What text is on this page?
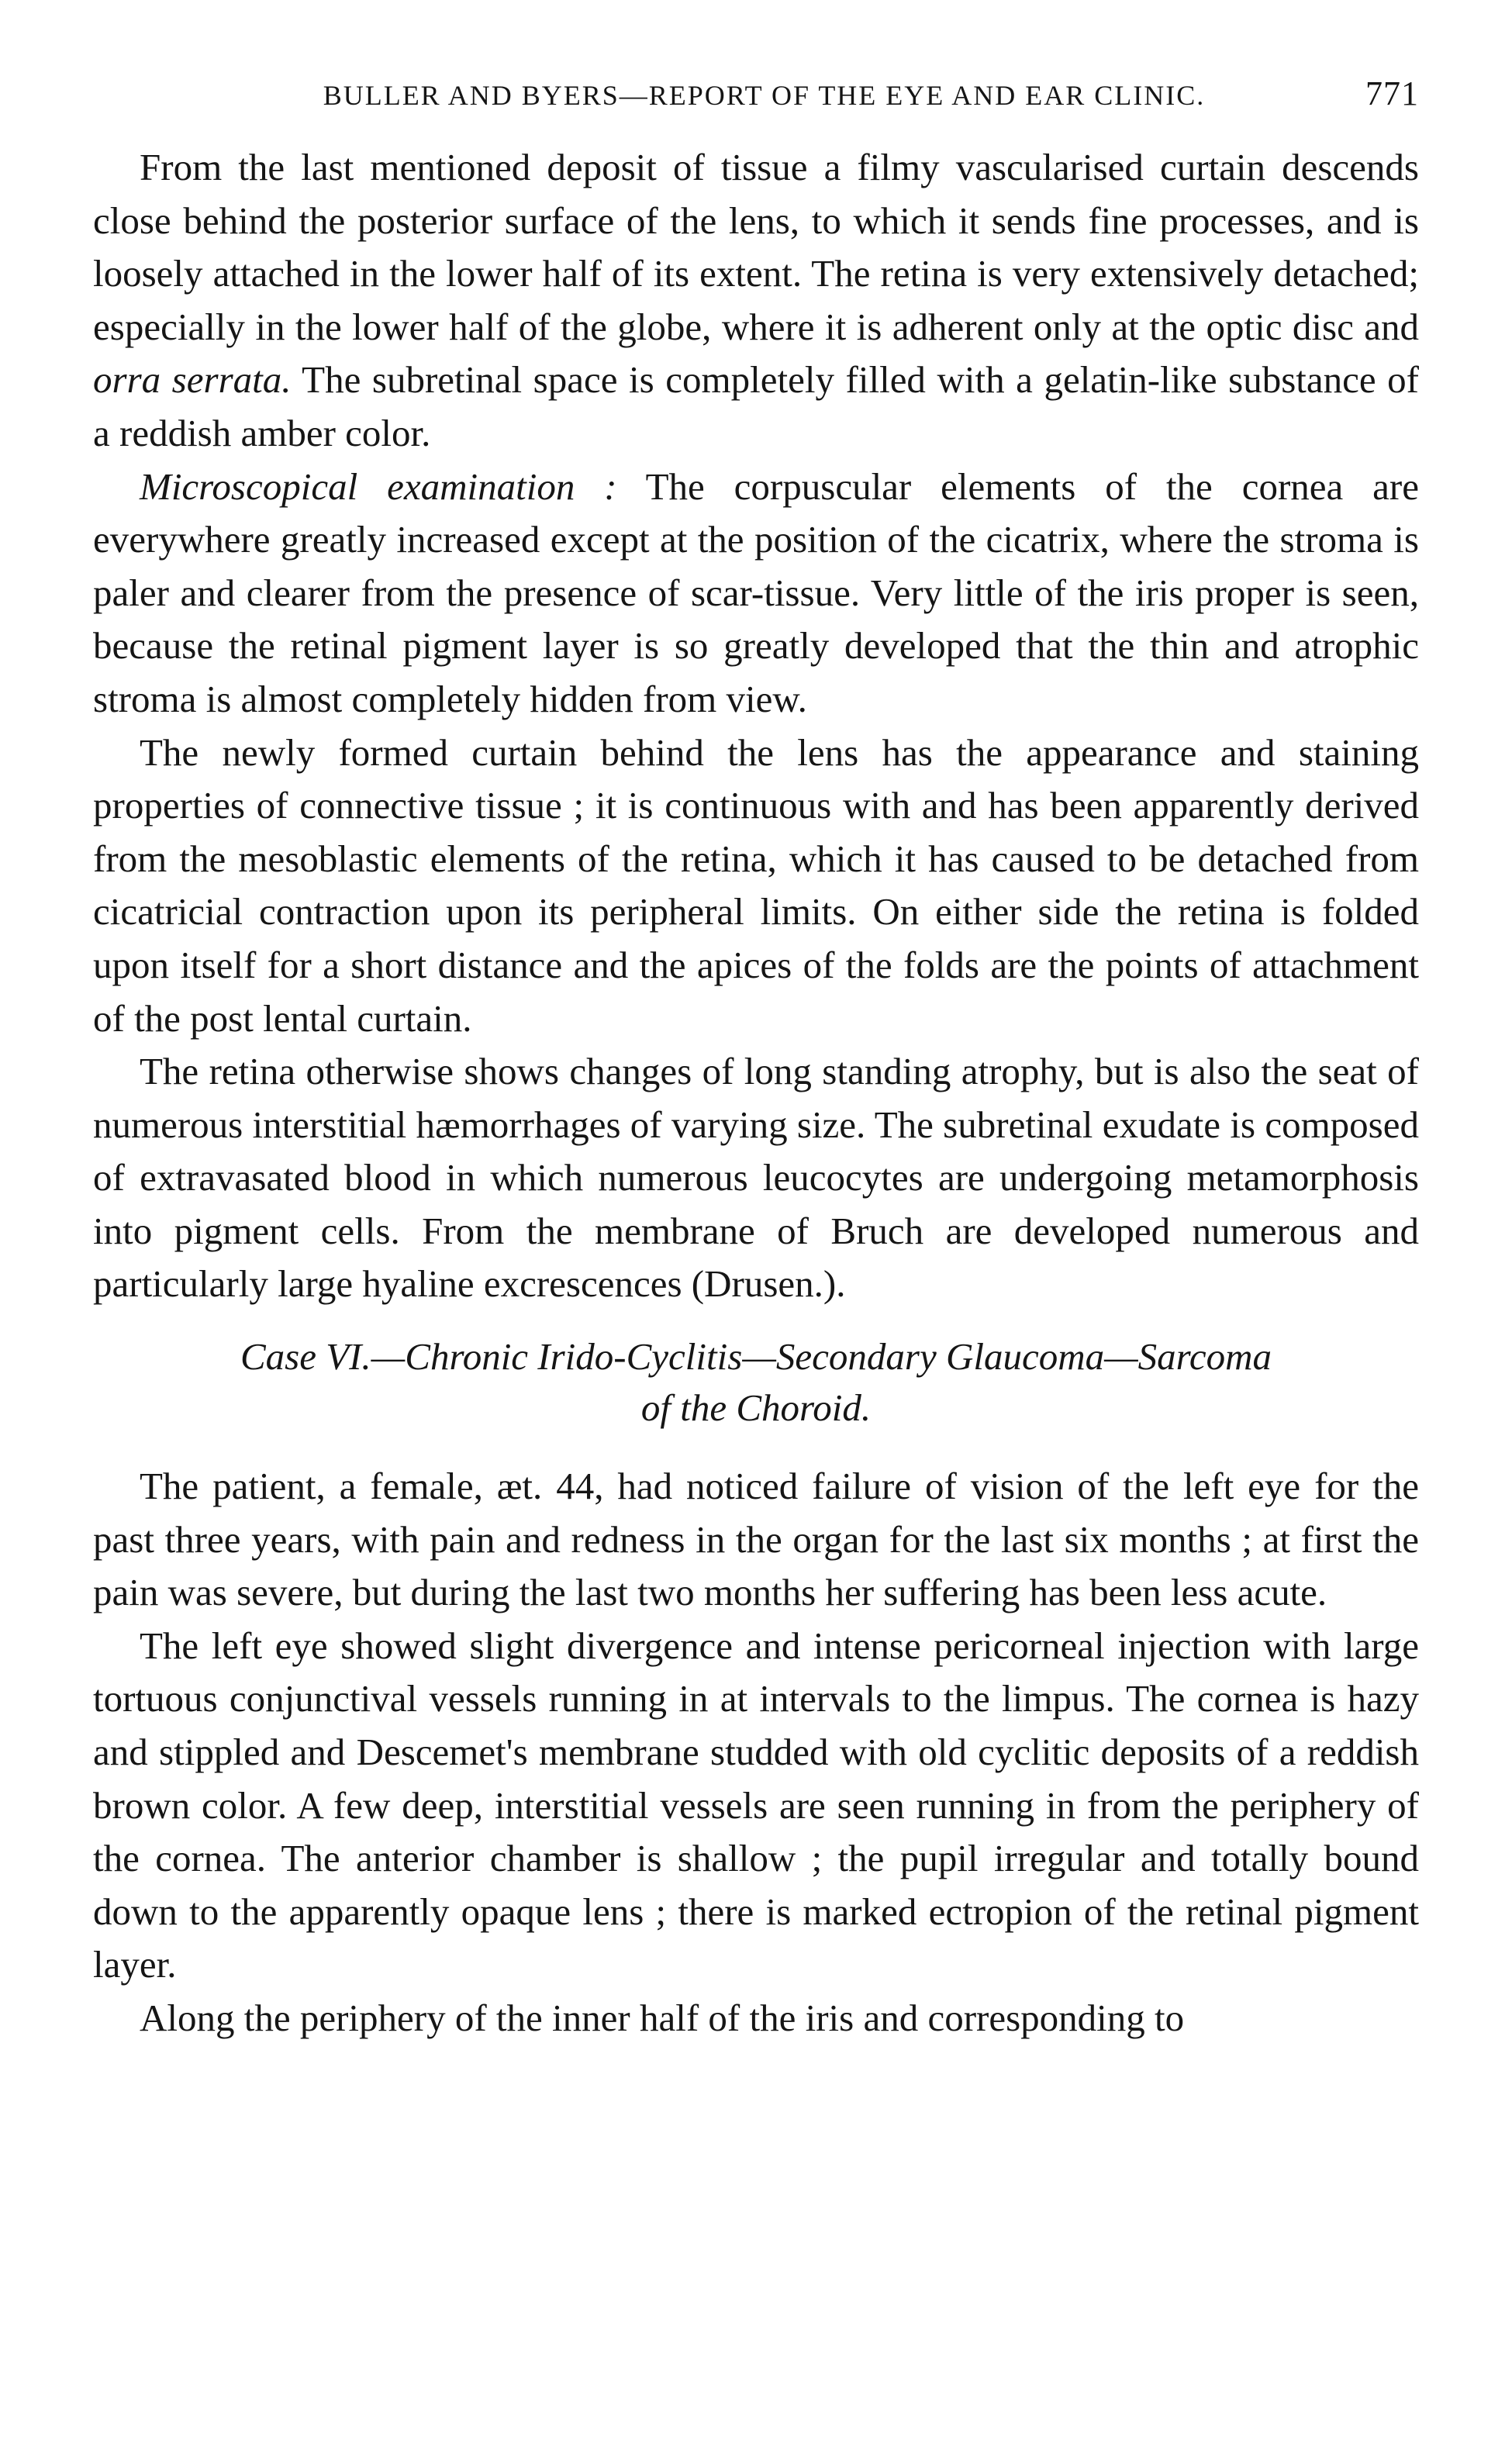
BULLER AND BYERS—REPORT OF THE EYE AND EAR CLINIC.	771

From the last mentioned deposit of tissue a filmy vascularised curtain descends close behind the posterior surface of the lens, to which it sends fine processes, and is loosely attached in the lower half of its extent. The retina is very extensively detached; especially in the lower half of the globe, where it is adherent only at the optic disc and orra serrata. The subretinal space is completely filled with a gelatin-like substance of a reddish amber color.

Microscopical examination : The corpuscular elements of the cornea are everywhere greatly increased except at the position of the cicatrix, where the stroma is paler and clearer from the presence of scar-tissue. Very little of the iris proper is seen, because the retinal pigment layer is so greatly developed that the thin and atrophic stroma is almost completely hidden from view.

The newly formed curtain behind the lens has the appearance and staining properties of connective tissue ; it is continuous with and has been apparently derived from the mesoblastic elements of the retina, which it has caused to be detached from cicatricial contraction upon its peripheral limits. On either side the retina is folded upon itself for a short distance and the apices of the folds are the points of attachment of the post lental curtain.

The retina otherwise shows changes of long standing atrophy, but is also the seat of numerous interstitial hæmorrhages of varying size. The subretinal exudate is composed of extravasated blood in which numerous leucocytes are undergoing metamorphosis into pigment cells. From the membrane of Bruch are developed numerous and particularly large hyaline excrescences (Drusen.).

Case VI.—Chronic Irido-Cyclitis—Secondary Glaucoma—Sarcoma
of the Choroid.

The patient, a female, æt. 44, had noticed failure of vision of the left eye for the past three years, with pain and redness in the organ for the last six months ; at first the pain was severe, but during the last two months her suffering has been less acute.

The left eye showed slight divergence and intense pericorneal injection with large tortuous conjunctival vessels running in at intervals to the limpus. The cornea is hazy and stippled and Descemet's membrane studded with old cyclitic deposits of a reddish brown color. A few deep, interstitial vessels are seen running in from the periphery of the cornea. The anterior chamber is shallow ; the pupil irregular and totally bound down to the apparently opaque lens ; there is marked ectropion of the retinal pigment layer.

Along the periphery of the inner half of the iris and corresponding to
